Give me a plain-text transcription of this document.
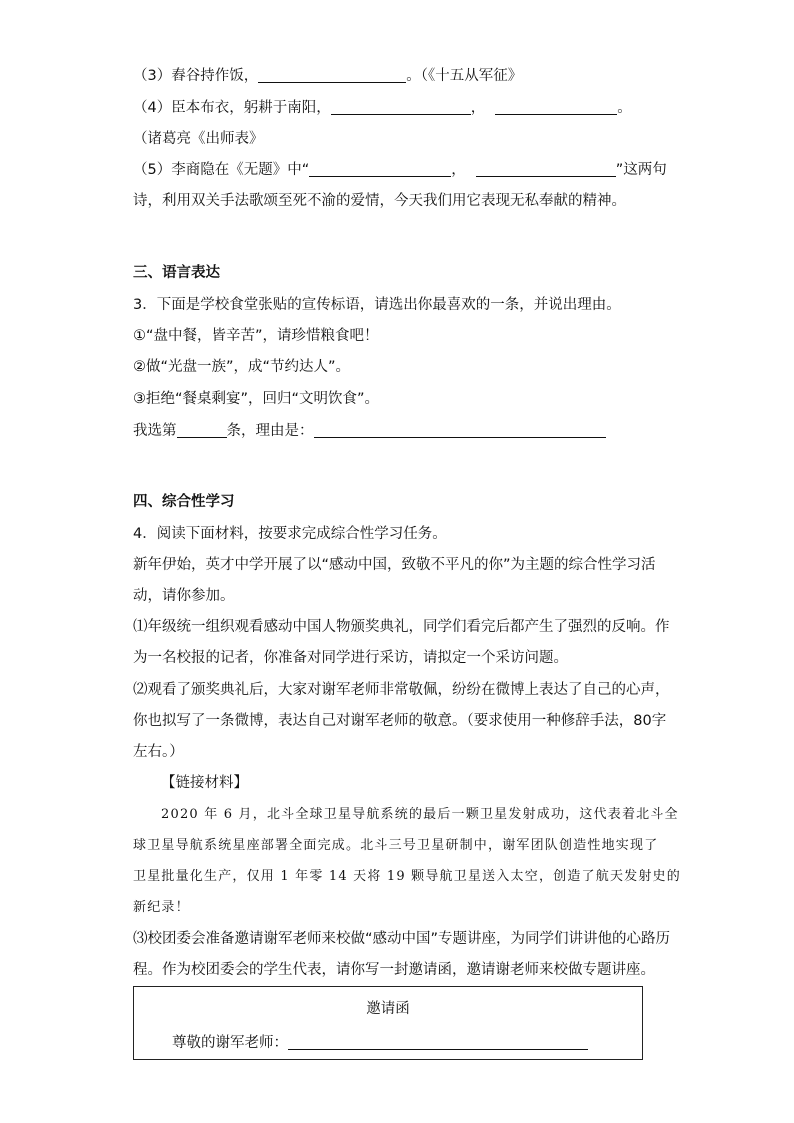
（3）舂谷持作饭，	。（《十五从军征》
（4）臣本布衣，躬耕于南阳，	，	。
（诸葛亮《出师表》
（5）李商隐在《无题》中“	，	”这两句
诗，利用双关手法歌颂至死不渝的爱情，今天我们用它表现无私奉献的精神。
三、语言表达
3．下面是学校食堂张贴的宣传标语，请选出你最喜欢的一条，并说出理由。
①“盘中餐，皆辛苦”，请珍惜粮食吧！
②做“光盘一族”，成“节约达人”。
③拒绝“餐桌剩宴”，回归“文明饮食”。
我选第	条，理由是：
四、综合性学习
4．阅读下面材料，按要求完成综合性学习任务。
新年伊始，英才中学开展了以“感动中国，致敬不平凡的你”为主题的综合性学习活
动，请你参加。
⑴年级统一组织观看感动中国人物颁奖典礼，同学们看完后都产生了强烈的反响。作
为一名校报的记者，你准备对同学进行采访，请拟定一个采访问题。
⑵观看了颁奖典礼后，大家对谢军老师非常敬佩，纷纷在微博上表达了自己的心声，
你也拟写了一条微博，表达自己对谢军老师的敬意。（要求使用一种修辞手法，80字
左右。）
【链接材料】
2020 年 6 月，北斗全球卫星导航系统的最后一颗卫星发射成功，这代表着北斗全
球卫星导航系统星座部署全面完成。北斗三号卫星研制中，谢军团队创造性地实现了
卫星批量化生产，仅用 1 年零 14 天将 19 颗导航卫星送入太空，创造了航天发射史的
新纪录！
⑶校团委会准备邀请谢军老师来校做“感动中国”专题讲座，为同学们讲讲他的心路历
程。作为校团委会的学生代表，请你写一封邀请函，邀请谢老师来校做专题讲座。
邀请函
尊敬的谢军老师：
